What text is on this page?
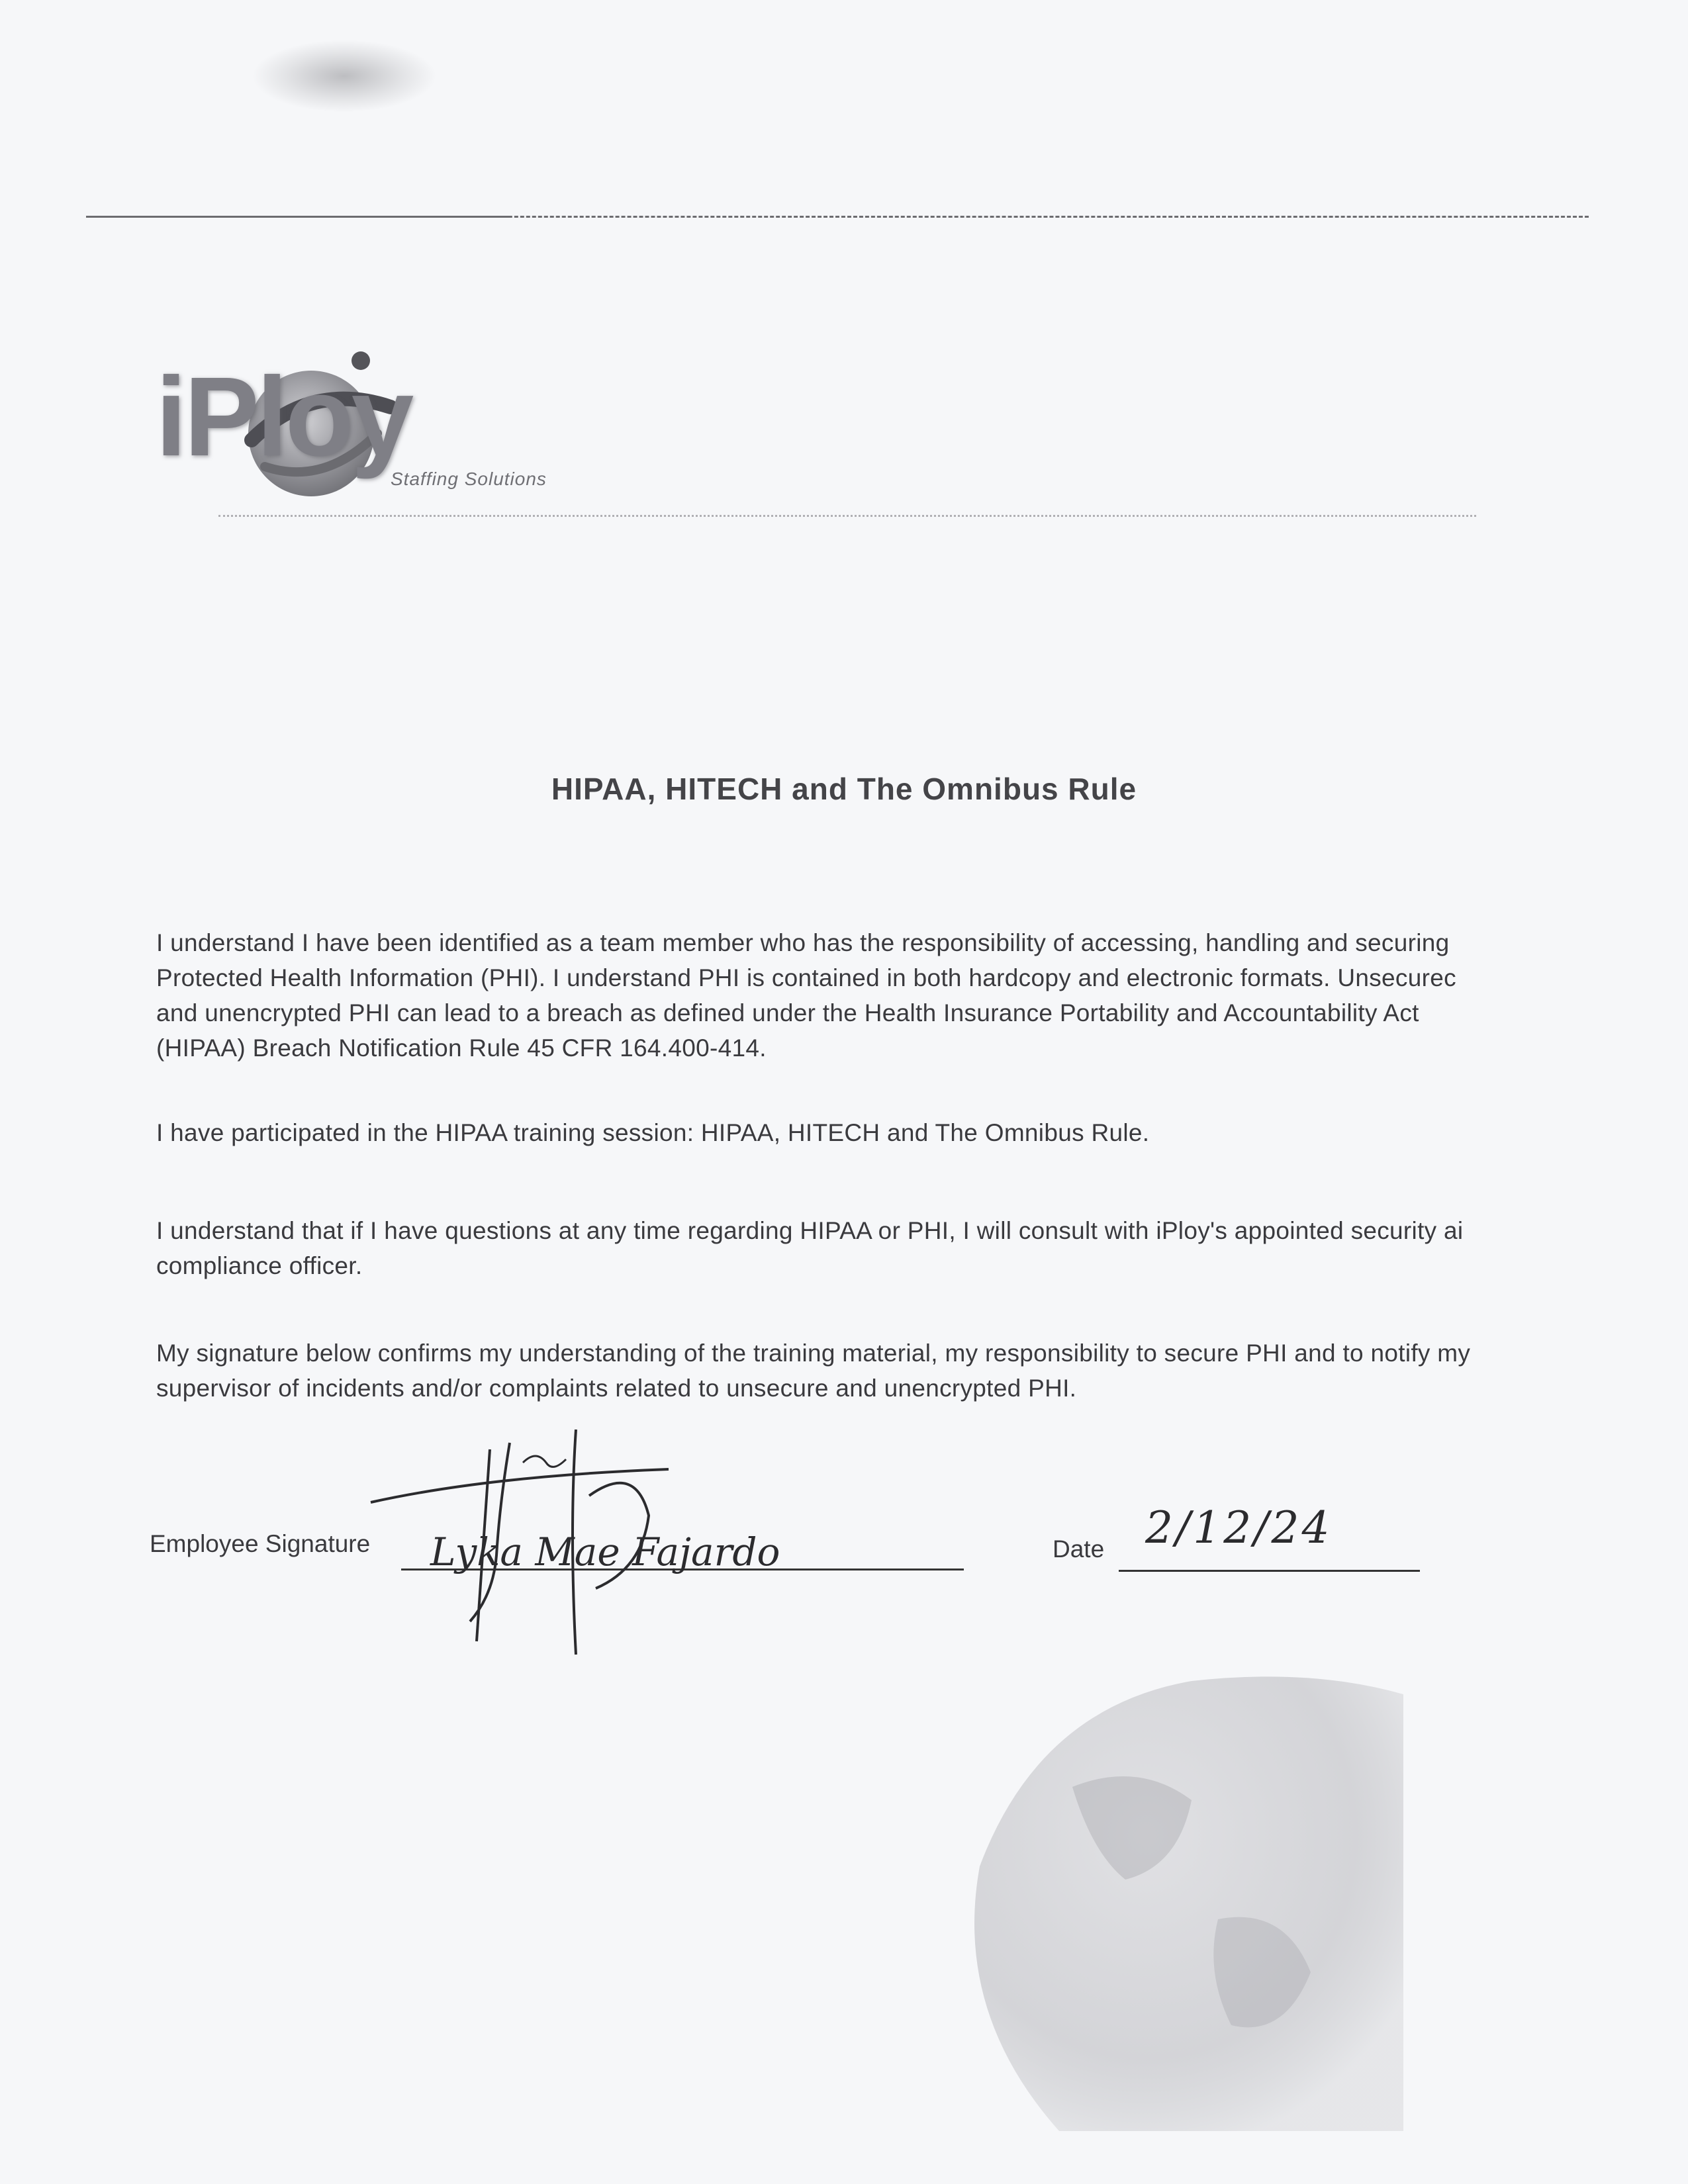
iPloy
Staffing Solutions
HIPAA, HITECH and The Omnibus Rule
I understand I have been identified as a team member who has the responsibility of accessing, handling and securing
Protected Health Information (PHI). I understand PHI is contained in both hardcopy and electronic formats. Unsecurec
and unencrypted PHI can lead to a breach as defined under the Health Insurance Portability and Accountability Act
(HIPAA) Breach Notification Rule 45 CFR 164.400-414.
I have participated in the HIPAA training session: HIPAA, HITECH and The Omnibus Rule.
I understand that if I have questions at any time regarding HIPAA or PHI, I will consult with iPloy's appointed security ai
compliance officer.
My signature below confirms my understanding of the training material, my responsibility to secure PHI and to notify my
supervisor of incidents and/or complaints related to unsecure and unencrypted PHI.
Employee Signature Lyka Mae Fajardo	Date 2/12/24
